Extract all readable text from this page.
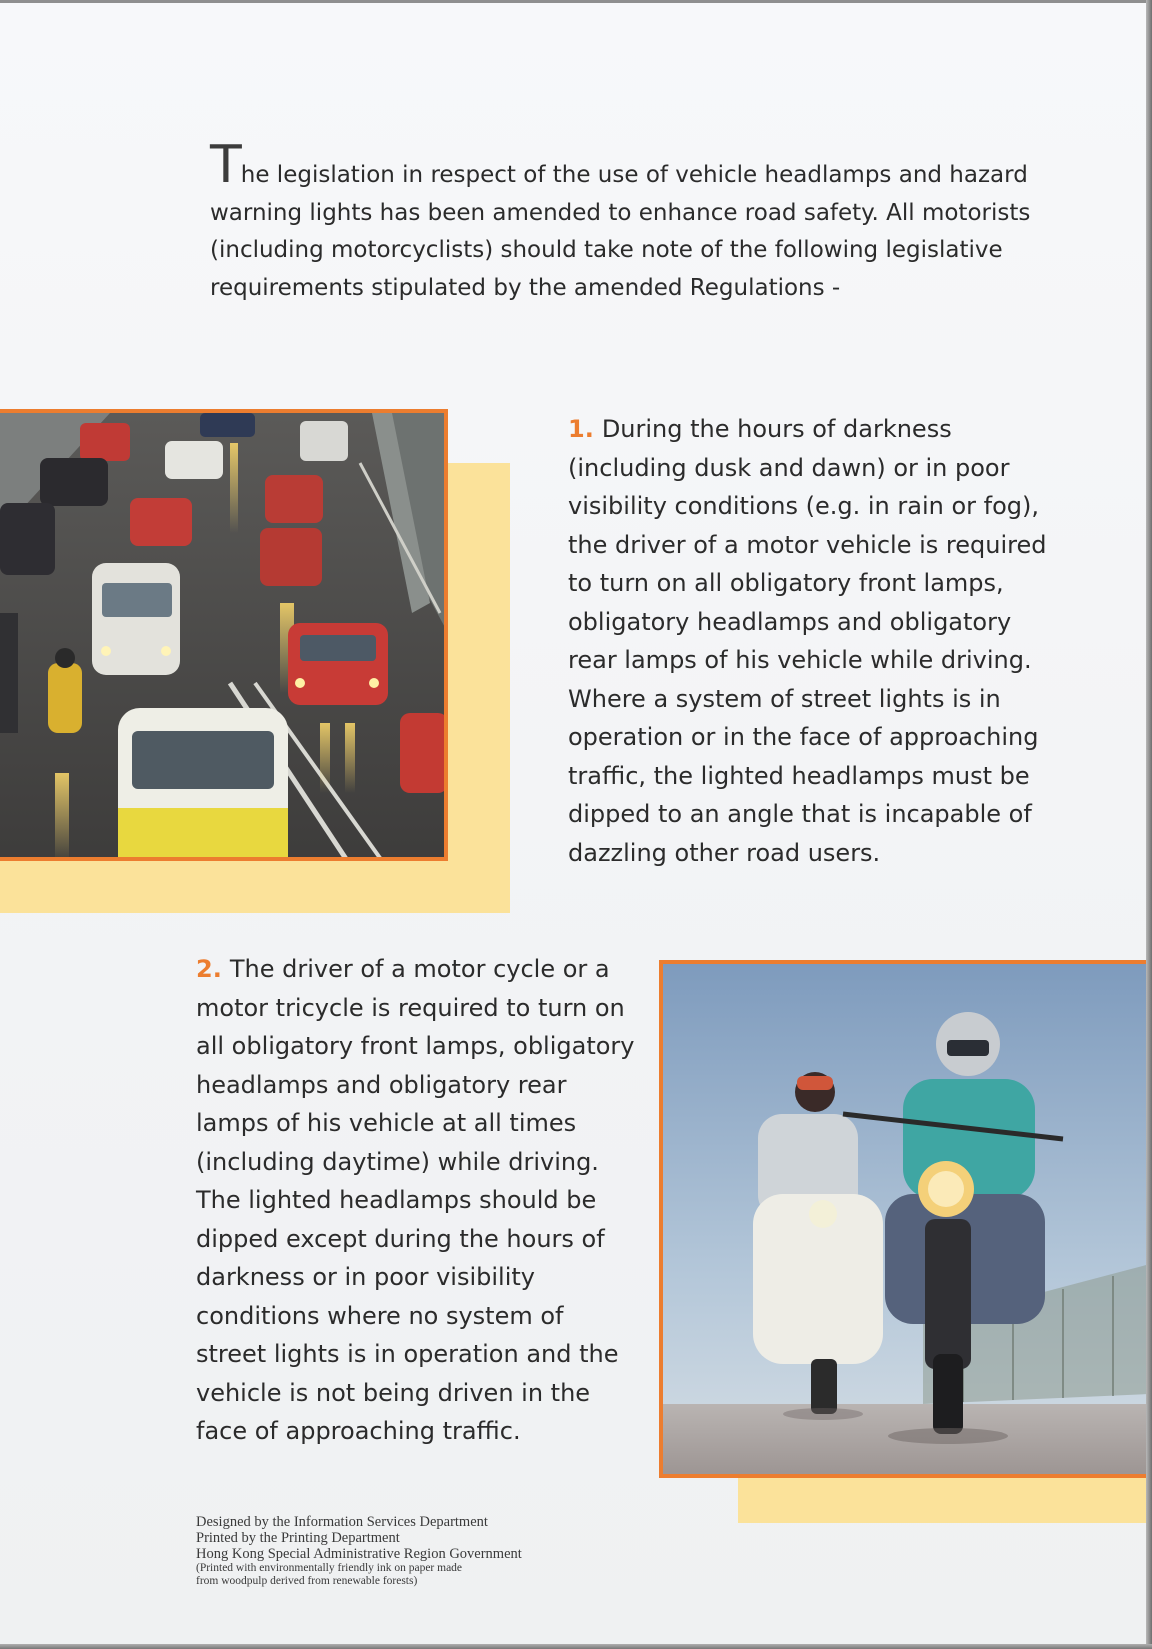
The legislation in respect of the use of vehicle headlamps and hazard warning lights has been amended to enhance road safety. All motorists (including motorcyclists) should take note of the following legislative requirements stipulated by the amended Regulations -
1. During the hours of darkness (including dusk and dawn) or in poor visibility conditions (e.g. in rain or fog), the driver of a motor vehicle is required to turn on all obligatory front lamps, obligatory headlamps and obligatory rear lamps of his vehicle while driving. Where a system of street lights is in operation or in the face of approaching traffic, the lighted headlamps must be dipped to an angle that is incapable of dazzling other road users.
2. The driver of a motor cycle or a motor tricycle is required to turn on all obligatory front lamps, obligatory headlamps and obligatory rear lamps of his vehicle at all times (including daytime) while driving. The lighted headlamps should be dipped except during the hours of darkness or in poor visibility conditions where no system of street lights is in operation and the vehicle is not being driven in the face of approaching traffic.
Designed by the Information Services Department
Printed by the Printing Department
Hong Kong Special Administrative Region Government
(Printed with environmentally friendly ink on paper made
from woodpulp derived from renewable forests)
